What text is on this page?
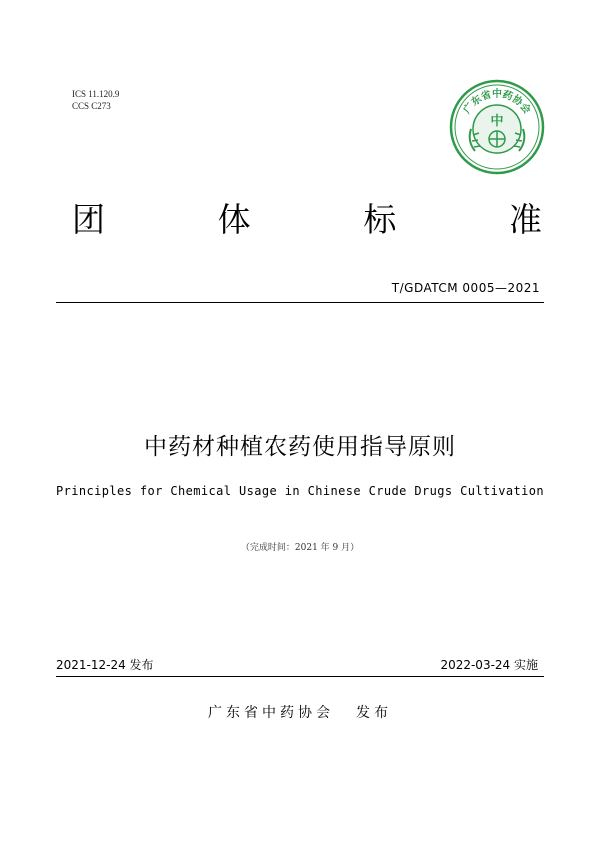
ICS 11.120.9
CCS C273	广东省中药协会
中
团	体	标	准
T/GDATCM 0005—2021
中药材种植农药使用指导原则
Principles for Chemical Usage in Chinese Crude Drugs Cultivation
（完成时间：2021 年 9 月）
2021-12-24 发布	2022-03-24 实施
广东省中药协会 发布
